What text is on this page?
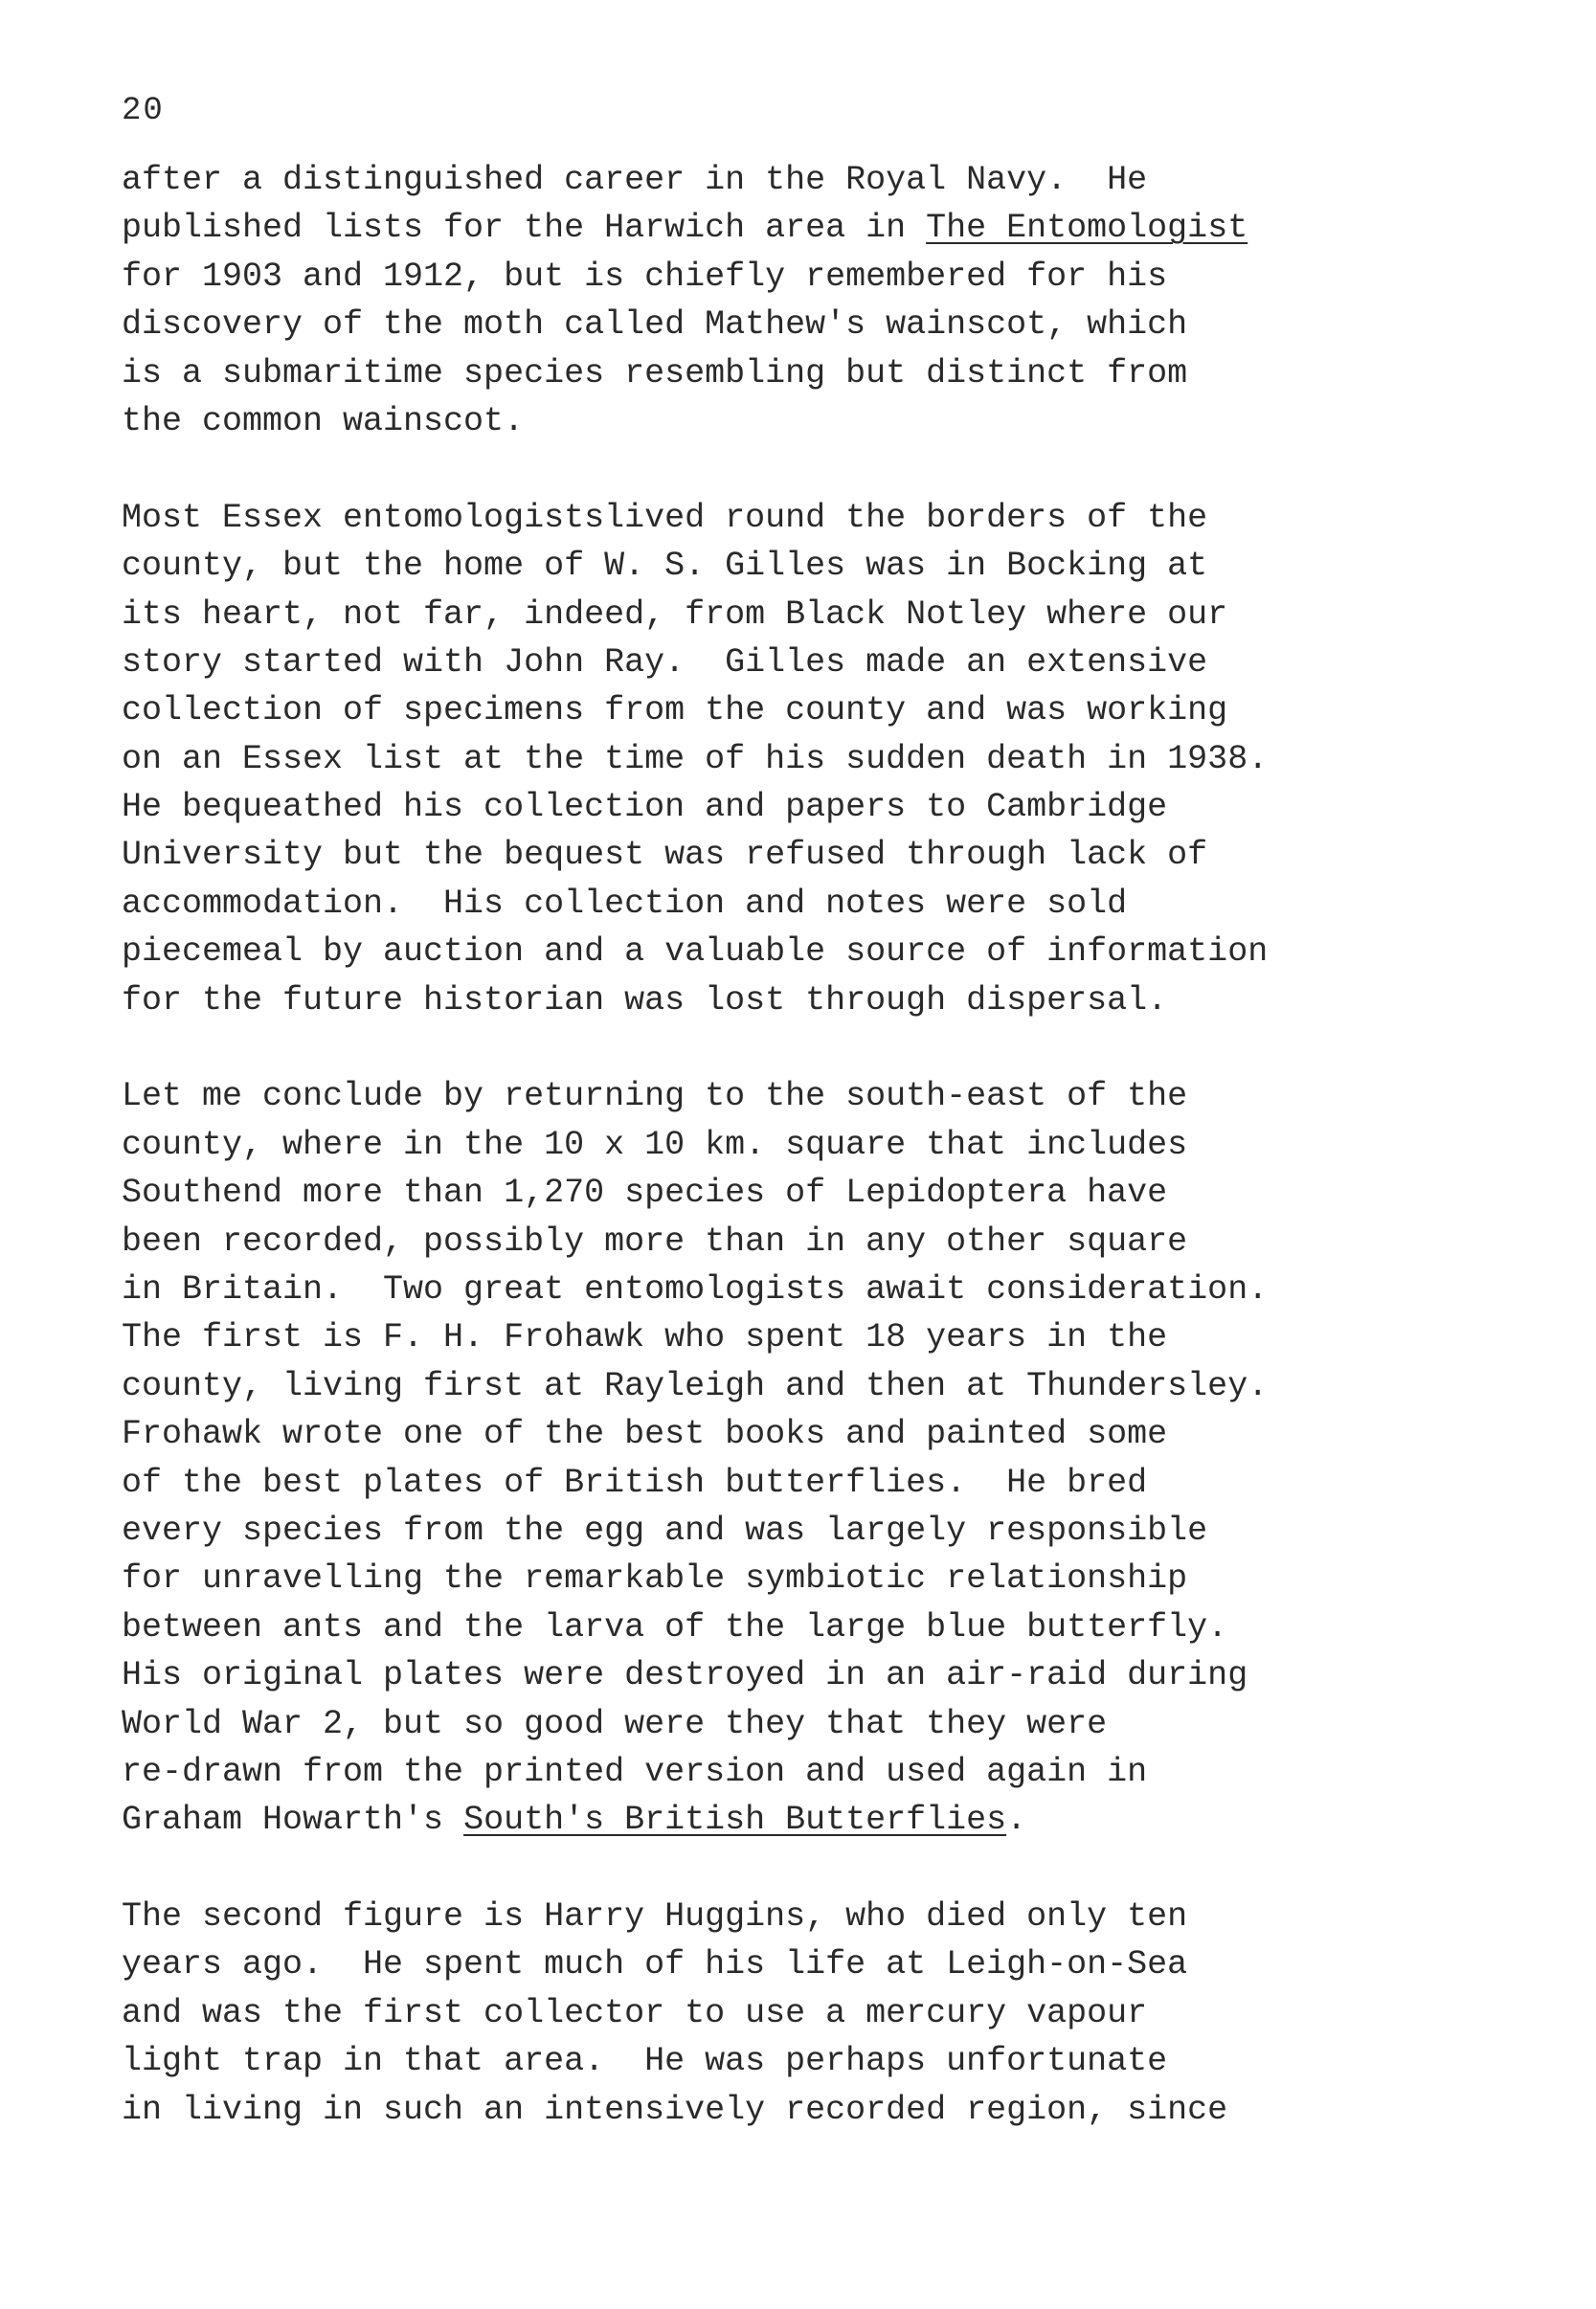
20
after a distinguished career in the Royal Navy.  He
published lists for the Harwich area in The Entomologist
for 1903 and 1912, but is chiefly remembered for his
discovery of the moth called Mathew's wainscot, which
is a submaritime species resembling but distinct from
the common wainscot.
Most Essex entomologistslived round the borders of the
county, but the home of W. S. Gilles was in Bocking at
its heart, not far, indeed, from Black Notley where our
story started with John Ray.  Gilles made an extensive
collection of specimens from the county and was working
on an Essex list at the time of his sudden death in 1938.
He bequeathed his collection and papers to Cambridge
University but the bequest was refused through lack of
accommodation.  His collection and notes were sold
piecemeal by auction and a valuable source of information
for the future historian was lost through dispersal.
Let me conclude by returning to the south-east of the
county, where in the 10 x 10 km. square that includes
Southend more than 1,270 species of Lepidoptera have
been recorded, possibly more than in any other square
in Britain.  Two great entomologists await consideration.
The first is F. H. Frohawk who spent 18 years in the
county, living first at Rayleigh and then at Thundersley.
Frohawk wrote one of the best books and painted some
of the best plates of British butterflies.  He bred
every species from the egg and was largely responsible
for unravelling the remarkable symbiotic relationship
between ants and the larva of the large blue butterfly.
His original plates were destroyed in an air-raid during
World War 2, but so good were they that they were
re-drawn from the printed version and used again in
Graham Howarth's South's British Butterflies.
The second figure is Harry Huggins, who died only ten
years ago.  He spent much of his life at Leigh-on-Sea
and was the first collector to use a mercury vapour
light trap in that area.  He was perhaps unfortunate
in living in such an intensively recorded region, since
